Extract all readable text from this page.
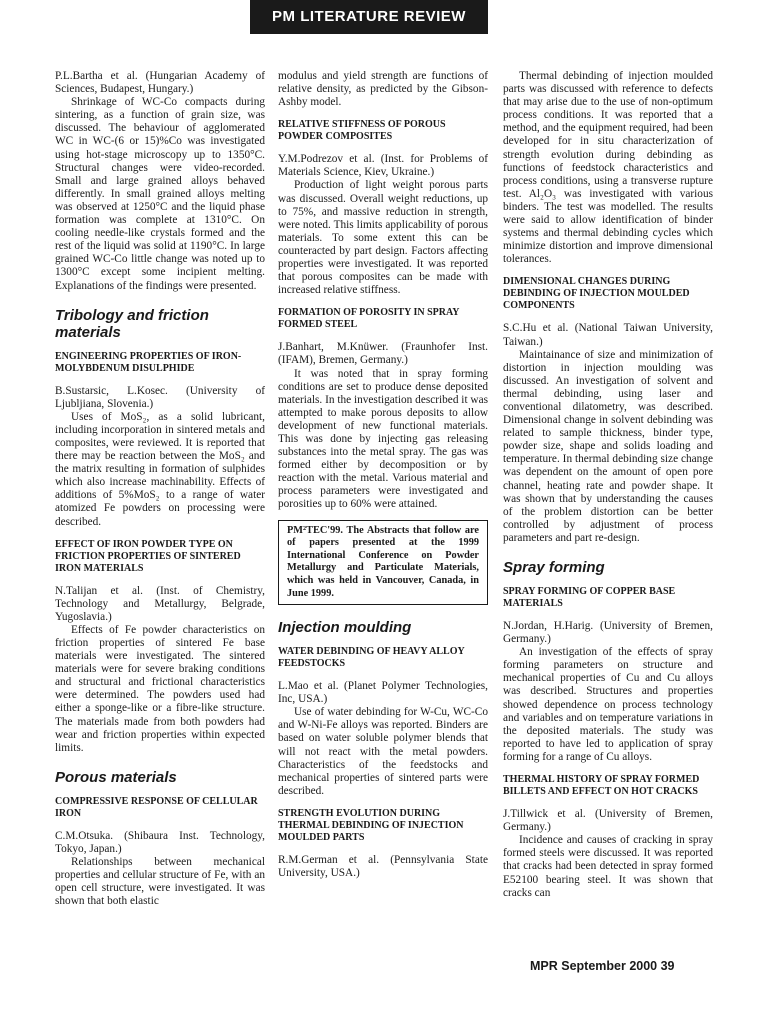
PM LITERATURE REVIEW

P.L.Bartha et al. (Hungarian Academy of Sciences, Budapest, Hungary.)

Shrinkage of WC-Co compacts during sintering, as a function of grain size, was discussed. The behaviour of agglomerated WC in WC-(6 or 15)%Co was investigated using hot-stage microscopy up to 1350°C. Structural changes were video-recorded. Small and large grained alloys behaved differently. In small grained alloys melting was observed at 1250°C and the liquid phase formation was complete at 1310°C. On cooling needle-like crystals formed and the rest of the liquid was solid at 1190°C. In large grained WC-Co little change was noted up to 1300°C except some incipient melting. Explanations of the findings were presented.

Tribology and friction materials
ENGINEERING PROPERTIES OF IRON-MOLYBDENUM DISULPHIDE

B.Sustarsic, L.Kosec. (University of Ljubljiana, Slovenia.)

Uses of MoS₂, as a solid lubricant, including incorporation in sintered metals and composites, were reviewed. It is reported that there may be reaction between the MoS₂ and the matrix resulting in formation of sulphides which also increase machinability. Effects of additions of 5%MoS₂ to a range of water atomized Fe powders on processing were described.

EFFECT OF IRON POWDER TYPE ON FRICTION PROPERTIES OF SINTERED IRON MATERIALS

N.Talijan et al. (Inst. of Chemistry, Technology and Metallurgy, Belgrade, Yugoslavia.)

Effects of Fe powder characteristics on friction properties of sintered Fe base materials were investigated. The sintered materials were for severe braking conditions and structural and frictional characteristics were determined. The powders used had either a sponge-like or a fibre-like structure. The materials made from both powders had wear and friction properties within expected limits.

Porous materials
COMPRESSIVE RESPONSE OF CELLULAR IRON

C.M.Otsuka. (Shibaura Inst. Technology, Tokyo, Japan.)

Relationships between mechanical properties and cellular structure of Fe, with an open cell structure, were investigated. It was shown that both elastic

modulus and yield strength are functions of relative density, as predicted by the Gibson-Ashby model.

RELATIVE STIFFNESS OF POROUS POWDER COMPOSITES

Y.M.Podrezov et al. (Inst. for Problems of Materials Science, Kiev, Ukraine.)

Production of light weight porous parts was discussed. Overall weight reductions, up to 75%, and massive reduction in strength, were noted. This limits applicability of porous materials. To some extent this can be counteracted by part design. Factors affecting properties were investigated. It was reported that porous composites can be made with increased relative stiffness.

FORMATION OF POROSITY IN SPRAY FORMED STEEL

J.Banhart, M.Knüwer. (Fraunhofer Inst. (IFAM), Bremen, Germany.)

It was noted that in spray forming conditions are set to produce dense deposited materials. In the investigation described it was attempted to make porous deposits to allow development of new functional materials. This was done by injecting gas releasing substances into the metal spray. The gas was formed either by decomposition or by reaction with the metal. Various material and process parameters were investigated and porosities up to 60% were attained.

PM²TEC'99. The Abstracts that follow are of papers presented at the 1999 International Conference on Powder Metallurgy and Particulate Materials, which was held in Vancouver, Canada, in June 1999.
Injection moulding
WATER DEBINDING OF HEAVY ALLOY FEEDSTOCKS

L.Mao et al. (Planet Polymer Technologies, Inc, USA.)

Use of water debinding for W-Cu, WC-Co and W-Ni-Fe alloys was reported. Binders are based on water soluble polymer blends that will not react with the metal powders. Characteristics of the feedstocks and mechanical properties of sintered parts were described.

STRENGTH EVOLUTION DURING THERMAL DEBINDING OF INJECTION MOULDED PARTS

R.M.German et al. (Pennsylvania State University, USA.)

Thermal debinding of injection moulded parts was discussed with reference to defects that may arise due to the use of non-optimum process conditions. It was reported that a method, and the equipment required, had been developed for in situ characterization of strength evolution during debinding as functions of feedstock characteristics and process conditions, using a transverse rupture test. Al₂O₃ was investigated with various binders. The test was modelled. The results were said to allow identification of binder systems and thermal debinding cycles which minimize distortion and improve dimensional tolerances.

DIMENSIONAL CHANGES DURING DEBINDING OF INJECTION MOULDED COMPONENTS

S.C.Hu et al. (National Taiwan University, Taiwan.)

Maintainance of size and minimization of distortion in injection moulding was discussed. An investigation of solvent and thermal debinding, using laser and conventional dilatometry, was described. Dimensional change in solvent debinding was related to sample thickness, binder type, powder size, shape and solids loading and temperature. In thermal debinding size change was dependent on the amount of open pore channel, heating rate and powder shape. It was shown that by understanding the causes of the problem distortion can be better controlled by adjustment of process parameters and part re-design.

Spray forming
SPRAY FORMING OF COPPER BASE MATERIALS

N.Jordan, H.Harig. (University of Bremen, Germany.)

An investigation of the effects of spray forming parameters on structure and mechanical properties of Cu and Cu alloys was described. Structures and properties showed dependence on process technology and variables and on temperature variations in the deposited materials. The study was reported to have led to application of spray forming for a range of Cu alloys.

THERMAL HISTORY OF SPRAY FORMED BILLETS AND EFFECT ON HOT CRACKS

J.Tillwick et al. (University of Bremen, Germany.)

Incidence and causes of cracking in spray formed steels were discussed. It was reported that cracks had been detected in spray formed E52100 bearing steel. It was shown that cracks can

MPR September 2000 39
